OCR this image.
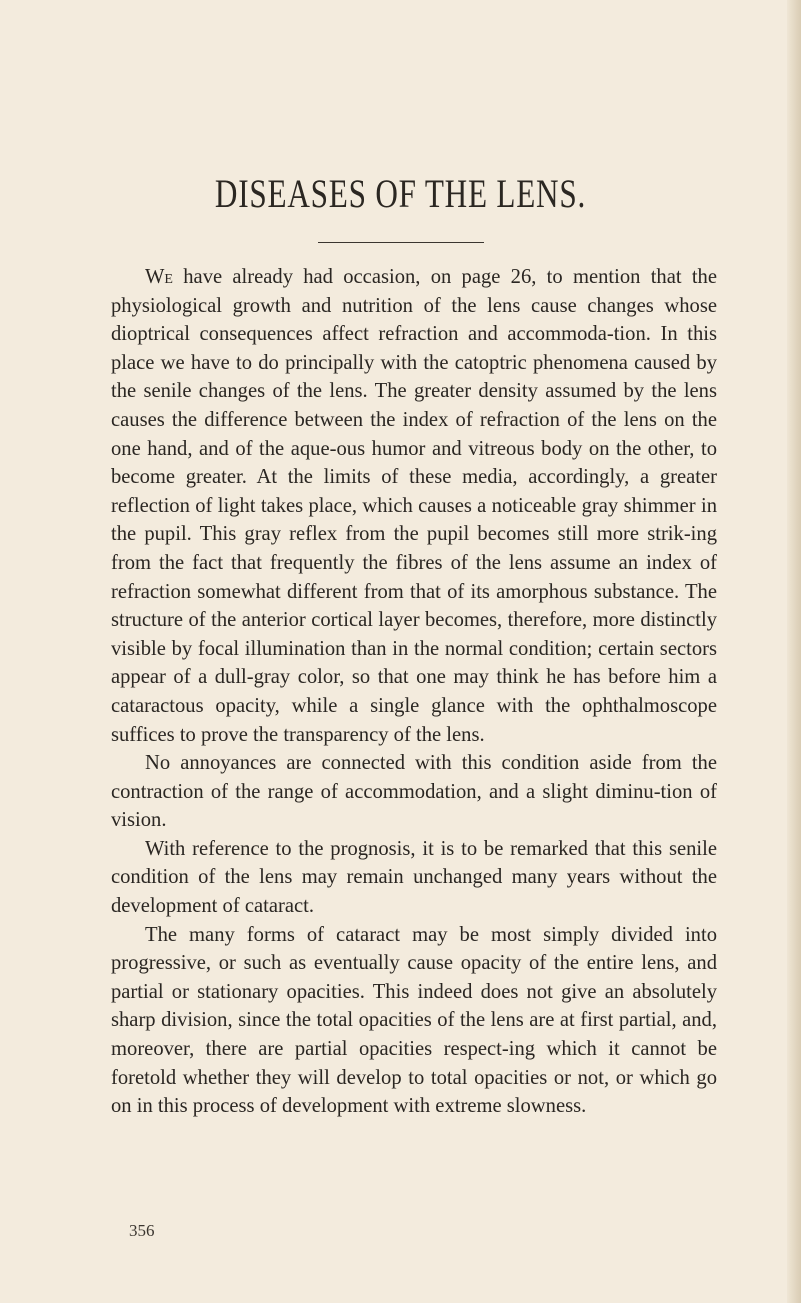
DISEASES OF THE LENS.

We have already had occasion, on page 26, to mention that the physiological growth and nutrition of the lens cause changes whose dioptrical consequences affect refraction and accommoda-tion. In this place we have to do principally with the catoptric phenomena caused by the senile changes of the lens. The greater density assumed by the lens causes the difference between the index of refraction of the lens on the one hand, and of the aque-ous humor and vitreous body on the other, to become greater. At the limits of these media, accordingly, a greater reflection of light takes place, which causes a noticeable gray shimmer in the pupil. This gray reflex from the pupil becomes still more strik-ing from the fact that frequently the fibres of the lens assume an index of refraction somewhat different from that of its amorphous substance. The structure of the anterior cortical layer becomes, therefore, more distinctly visible by focal illumination than in the normal condition; certain sectors appear of a dull-gray color, so that one may think he has before him a cataractous opacity, while a single glance with the ophthalmoscope suffices to prove the transparency of the lens.

No annoyances are connected with this condition aside from the contraction of the range of accommodation, and a slight diminu-tion of vision.

With reference to the prognosis, it is to be remarked that this senile condition of the lens may remain unchanged many years without the development of cataract.

The many forms of cataract may be most simply divided into progressive, or such as eventually cause opacity of the entire lens, and partial or stationary opacities. This indeed does not give an absolutely sharp division, since the total opacities of the lens are at first partial, and, moreover, there are partial opacities respect-ing which it cannot be foretold whether they will develop to total opacities or not, or which go on in this process of development with extreme slowness.

356
